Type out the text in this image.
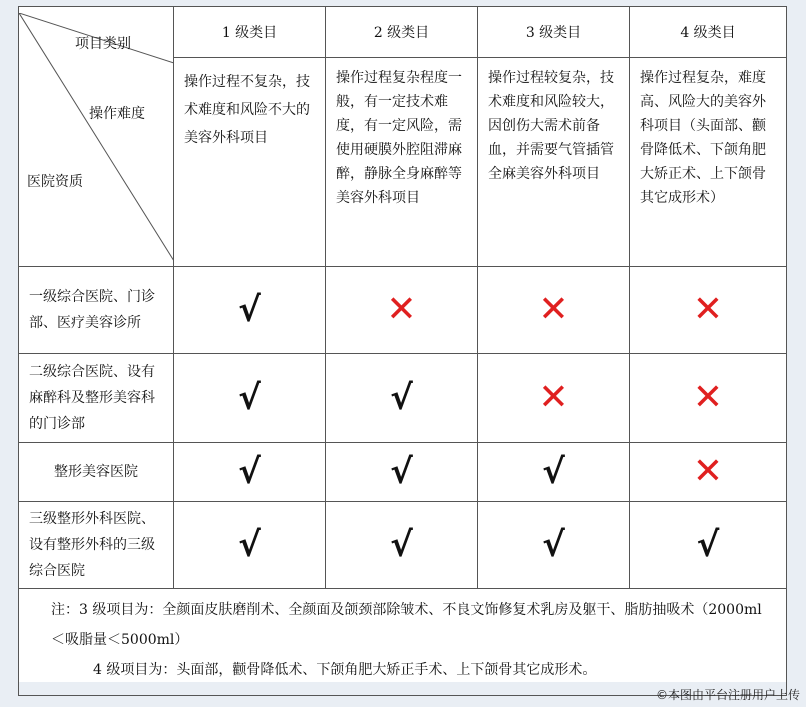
项目类别
操作难度
医院资质	1 级类目	2 级类目	3 级类目	4 级类目
	操作过程不复杂，技术难度和风险不大的美容外科项目	操作过程复杂程度一般，有一定技术难度，有一定风险，需使用硬膜外腔阻滞麻醉，静脉全身麻醉等美容外科项目	操作过程较复杂，技术难度和风险较大，因创伤大需术前备血，并需要气管插管全麻美容外科项目	操作过程复杂，难度高、风险大的美容外科项目（头面部、颧骨降低术、下颌角肥大矫正术、上下颌骨其它成形术）
一级综合医院、门诊部、医疗美容诊所	√	✕	✕	✕
二级综合医院、设有麻醉科及整形美容科的门诊部	√	√	✕	✕
整形美容医院	√	√	√	✕
三级整形外科医院、设有整形外科的三级综合医院	√	√	√	√

注：3 级项目为：全颜面皮肤磨削术、全颜面及颌颈部除皱术、不良文饰修复术乳房及躯干、脂肪抽吸术（2000ml＜吸脂量＜5000ml）
4 级项目为：头面部，颧骨降低术、下颌角肥大矫正手术、上下颌骨其它成形术。				
©本图由平台注册用户上传
